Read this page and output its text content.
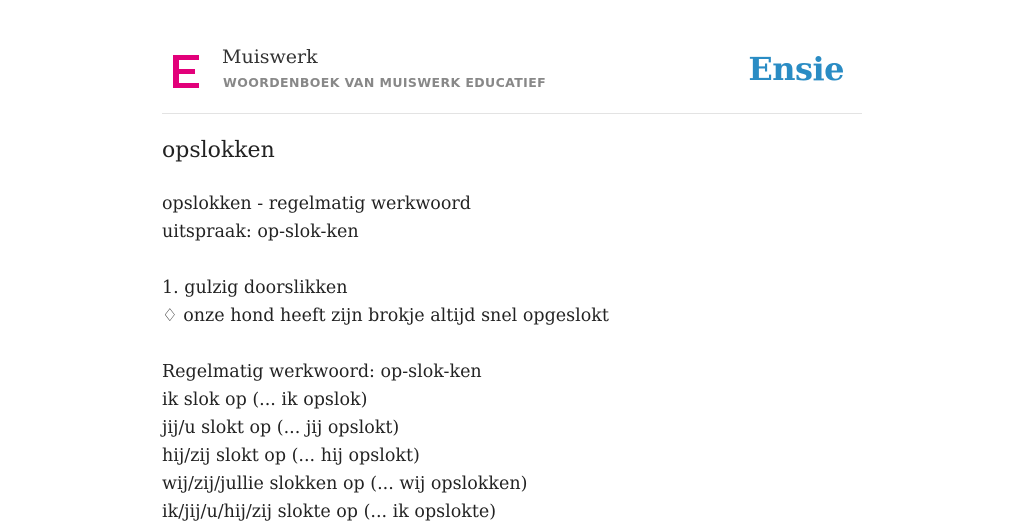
Muiswerk
WOORDENBOEK VAN MUISWERK EDUCATIEF	Ensie
opslokken
opslokken - regelmatig werkwoord
uitspraak: op-slok-ken
1. gulzig doorslikken
♢ onze hond heeft zijn brokje altijd snel opgeslokt
Regelmatig werkwoord: op-slok-ken
ik slok op (... ik opslok)
jij/u slokt op (... jij opslokt)
hij/zij slokt op (... hij opslokt)
wij/zij/jullie slokken op (... wij opslokken)
ik/jij/u/hij/zij slokte op (... ik opslokte)
